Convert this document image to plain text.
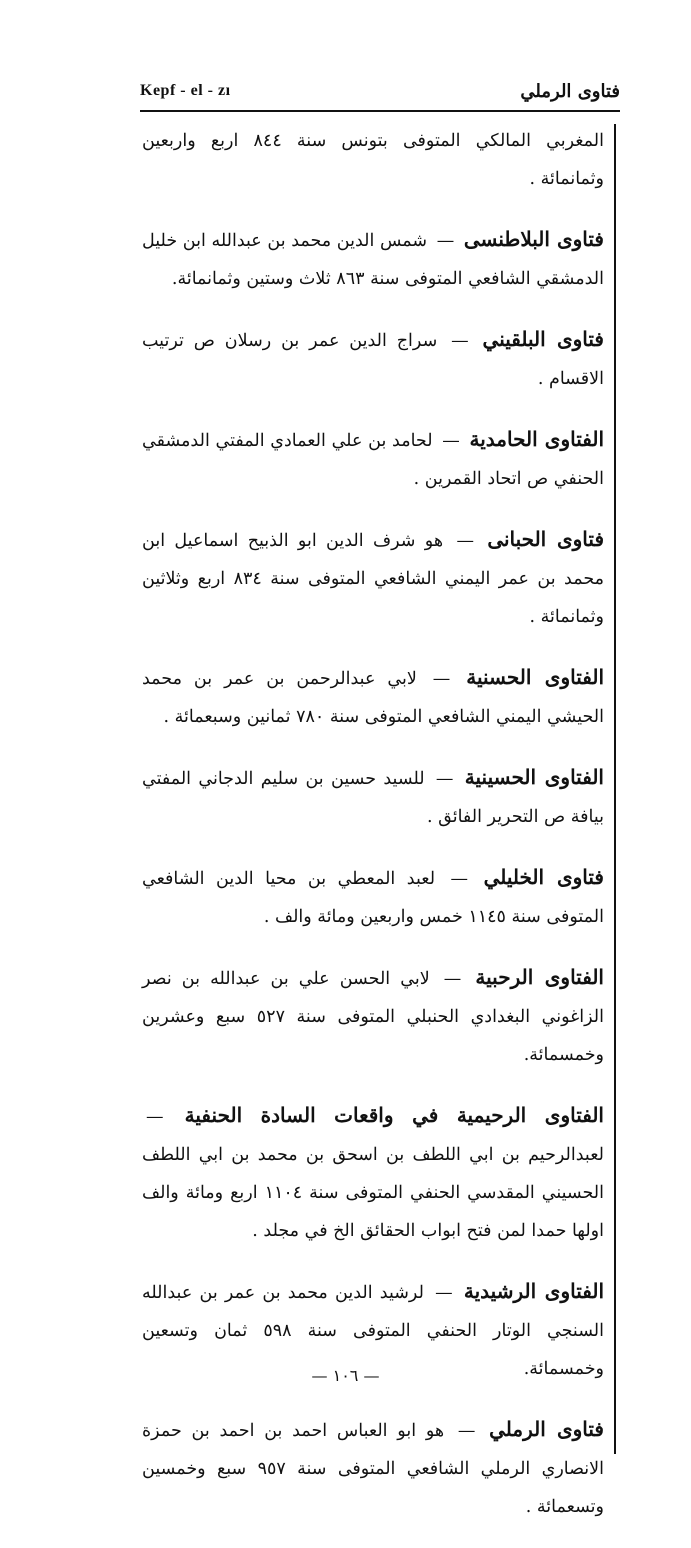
Kepf - el - zı	فتاوى الرملي

المغربي المالكي المتوفى بتونس سنة ٨٤٤ اربع واربعين وثمانمائة .

فتاوى البلاطنسى — شمس الدين محمد بن عبدالله ابن خليل الدمشقي الشافعي المتوفى سنة ٨٦٣ ثلاث وستين وثمانمائة.

فتاوى البلقيني — سراج الدين عمر بن رسلان ص ترتيب الاقسام .

الفتاوى الحامدية — لحامد بن علي العمادي المفتي الدمشقي الحنفي ص اتحاد القمرين .

فتاوى الحبانى — هو شرف الدين ابو الذبيح اسماعيل ابن محمد بن عمر اليمني الشافعي المتوفى سنة ٨٣٤ اربع وثلاثين وثمانمائة .

الفتاوى الحسنية — لابي عبدالرحمن بن عمر بن محمد الحيشي اليمني الشافعي المتوفى سنة ٧٨٠ ثمانين وسبعمائة .

الفتاوى الحسينية — للسيد حسين بن سليم الدجاني المفتي بيافة ص التحرير الفائق .

فتاوى الخليلي — لعبد المعطي بن محيا الدين الشافعي المتوفى سنة ١١٤٥ خمس واربعين ومائة والف .

الفتاوى الرحبية — لابي الحسن علي بن عبدالله بن نصر الزاغوني البغدادي الحنبلي المتوفى سنة ٥٢٧ سبع وعشرين وخمسمائة.

الفتاوى الرحيمية في واقعات السادة الحنفية — لعبدالرحيم بن ابي اللطف بن اسحق بن محمد بن ابي اللطف الحسيني المقدسي الحنفي المتوفى سنة ١١٠٤ اربع ومائة والف اولها حمدا لمن فتح ابواب الحقائق الخ في مجلد .

الفتاوى الرشيدية — لرشيد الدين محمد بن عمر بن عبدالله السنجي الوتار الحنفي المتوفى سنة ٥٩٨ ثمان وتسعين وخمسمائة.

فتاوى الرملي — هو ابو العباس احمد بن احمد بن حمزة الانصاري الرملي الشافعي المتوفى سنة ٩٥٧ سبع وخمسين وتسعمائة .

— ١٠٦ —
